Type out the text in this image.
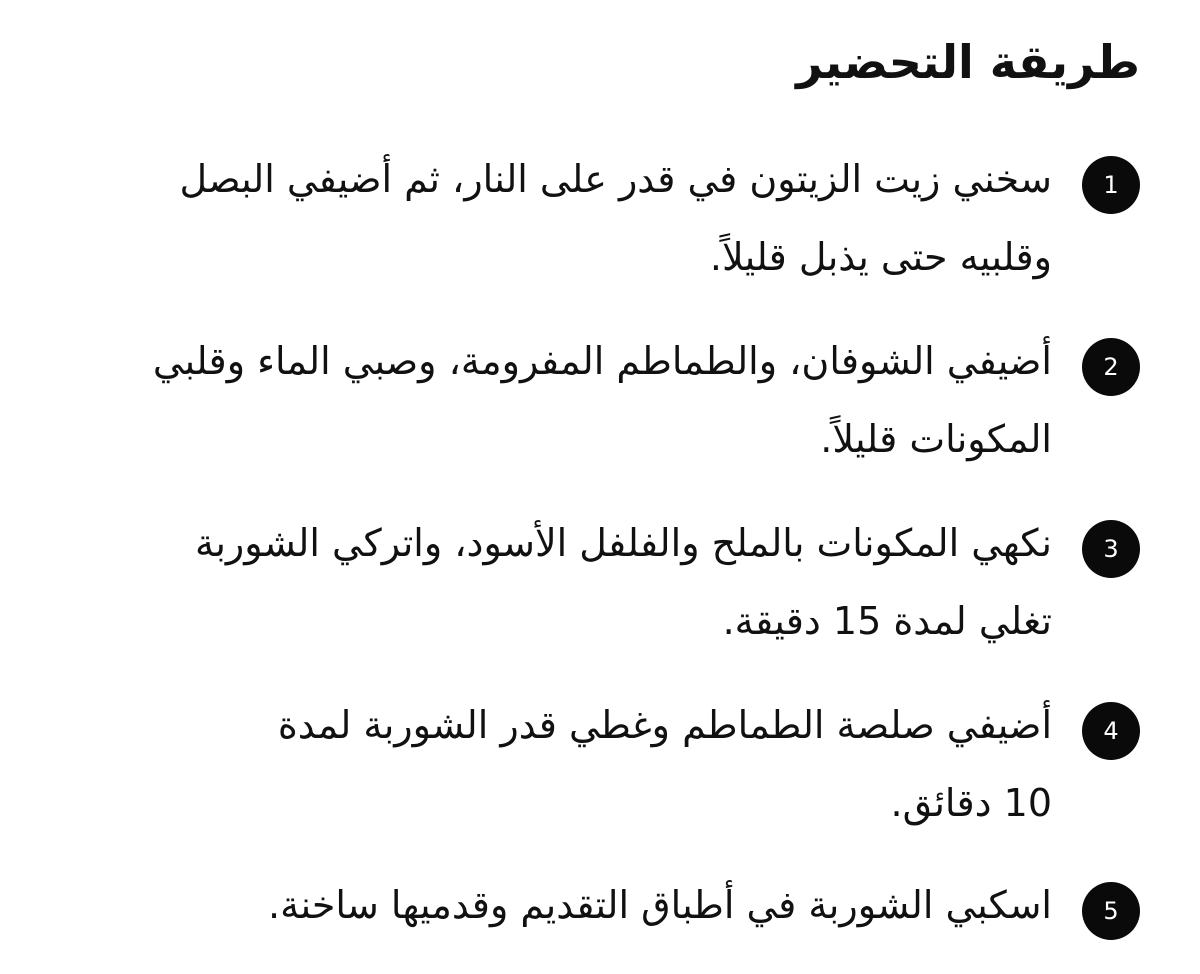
طريقة التحضير
1
سخني زيت الزيتون في قدر على النار، ثم أضيفي البصل
وقلبيه حتى يذبل قليلاً.
2
أضيفي الشوفان، والطماطم المفرومة، وصبي الماء وقلبي
المكونات قليلاً.
3
نكهي المكونات بالملح والفلفل الأسود، واتركي الشوربة
تغلي لمدة 15 دقيقة.
4
أضيفي صلصة الطماطم وغطي قدر الشوربة لمدة
10 دقائق.
5
اسكبي الشوربة في أطباق التقديم وقدميها ساخنة.
